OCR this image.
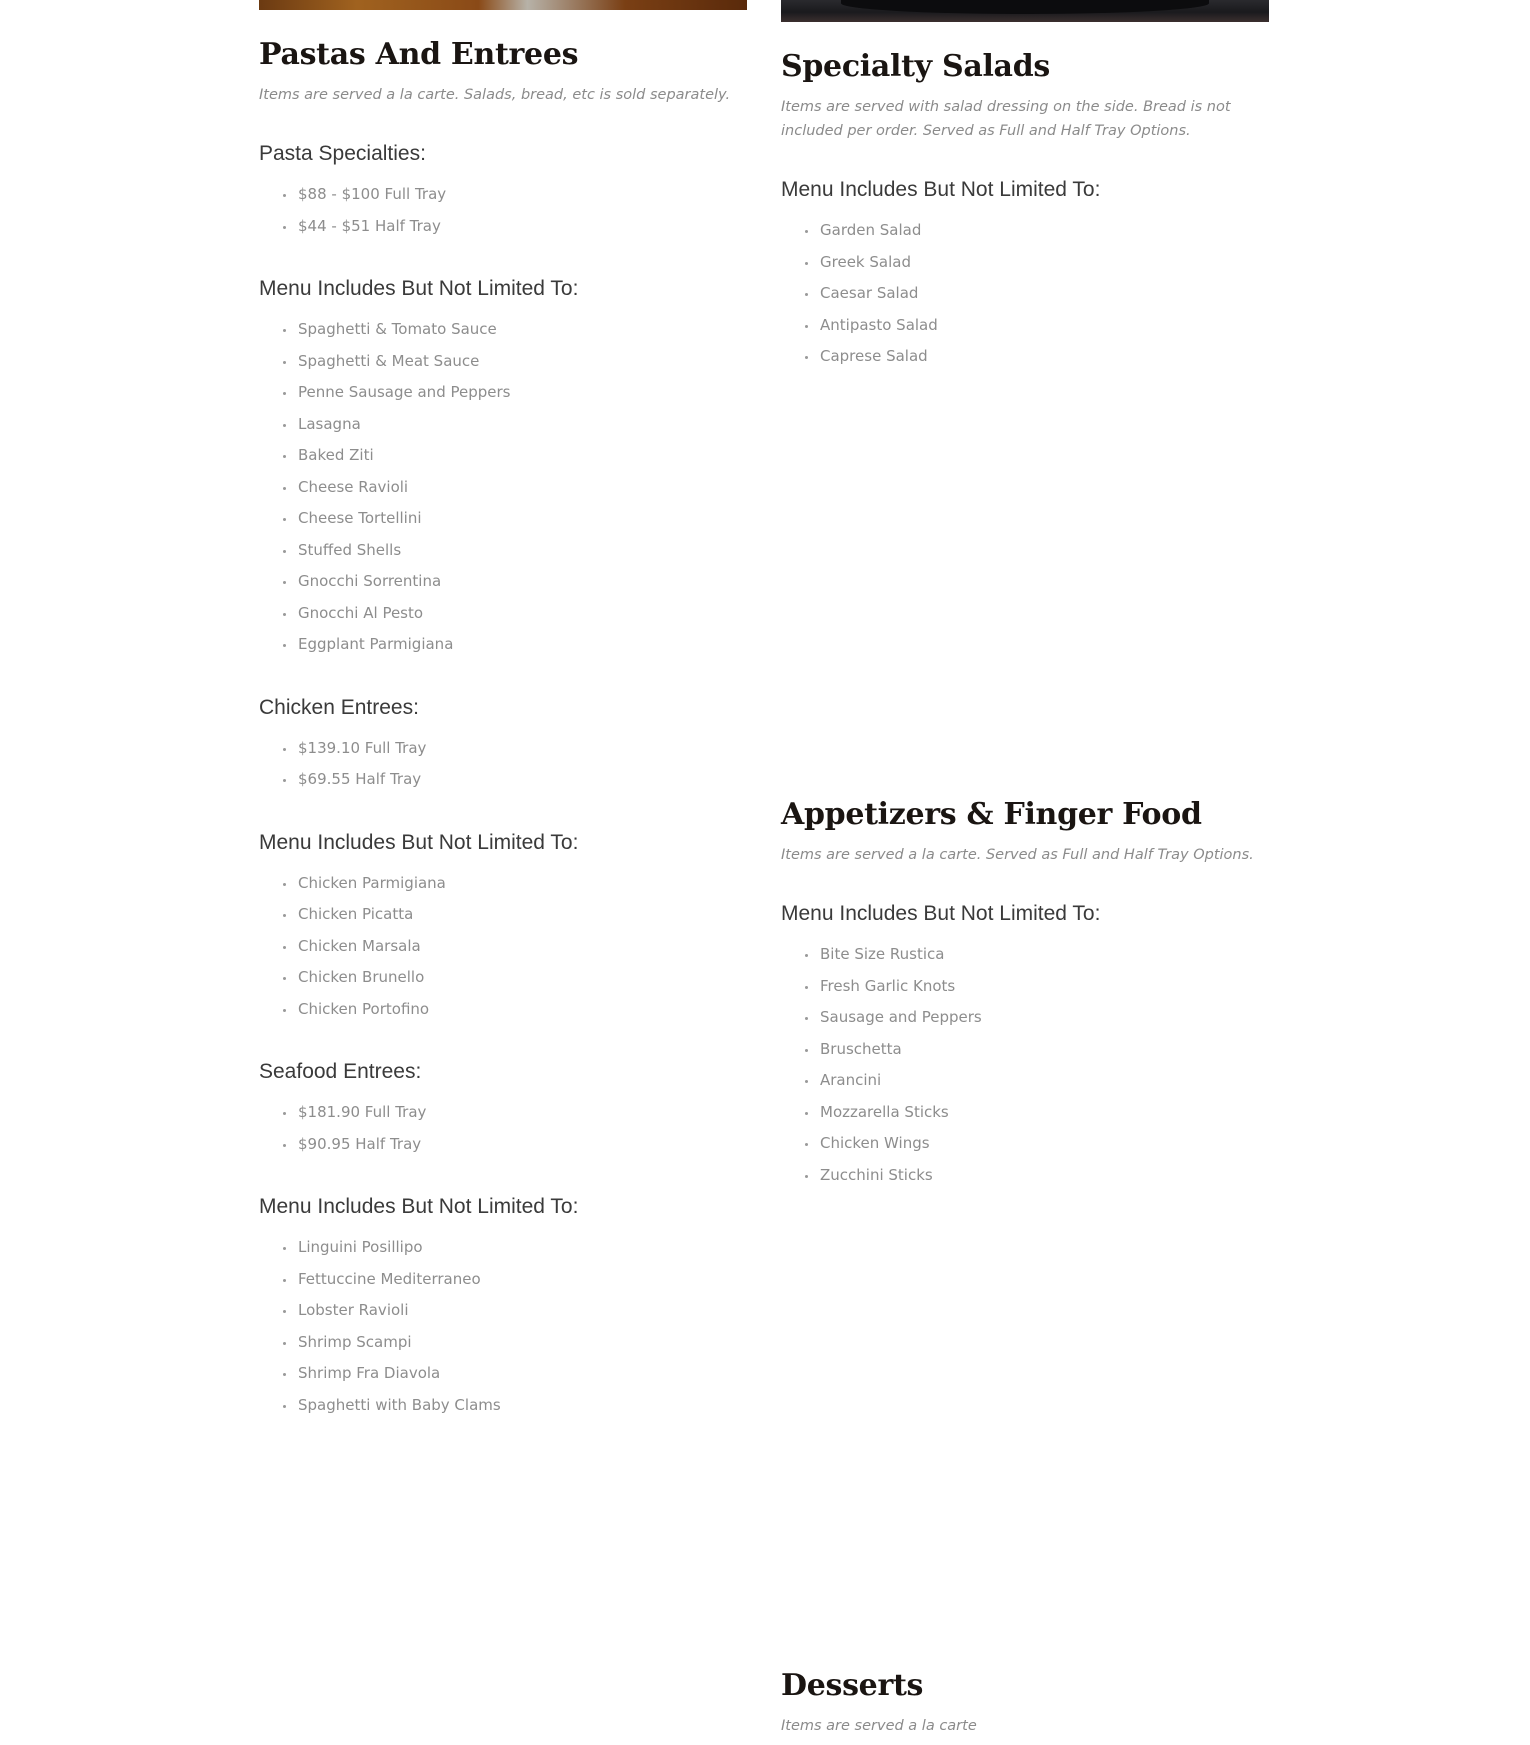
Pastas And Entrees

Items are served a la carte. Salads, bread, etc is sold separately.

Pasta Specialties:
$88 - $100 Full Tray
$44 - $51 Half Tray
Menu Includes But Not Limited To:
Spaghetti & Tomato Sauce
Spaghetti & Meat Sauce
Penne Sausage and Peppers
Lasagna
Baked Ziti
Cheese Ravioli
Cheese Tortellini
Stuffed Shells
Gnocchi Sorrentina
Gnocchi Al Pesto
Eggplant Parmigiana
Chicken Entrees:
$139.10 Full Tray
$69.55 Half Tray
Menu Includes But Not Limited To:
Chicken Parmigiana
Chicken Picatta
Chicken Marsala
Chicken Brunello
Chicken Portofino
Seafood Entrees:
$181.90 Full Tray
$90.95 Half Tray
Menu Includes But Not Limited To:
Linguini Posillipo
Fettuccine Mediterraneo
Lobster Ravioli
Shrimp Scampi
Shrimp Fra Diavola
Spaghetti with Baby Clams
Specialty Salads

Items are served with salad dressing on the side. Bread is not included per order. Served as Full and Half Tray Options.

Menu Includes But Not Limited To:
Garden Salad
Greek Salad
Caesar Salad
Antipasto Salad
Caprese Salad
Appetizers & Finger Food

Items are served a la carte. Served as Full and Half Tray Options.

Menu Includes But Not Limited To:
Bite Size Rustica
Fresh Garlic Knots
Sausage and Peppers
Bruschetta
Arancini
Mozzarella Sticks
Chicken Wings
Zucchini Sticks
Desserts

Items are served a la carte
